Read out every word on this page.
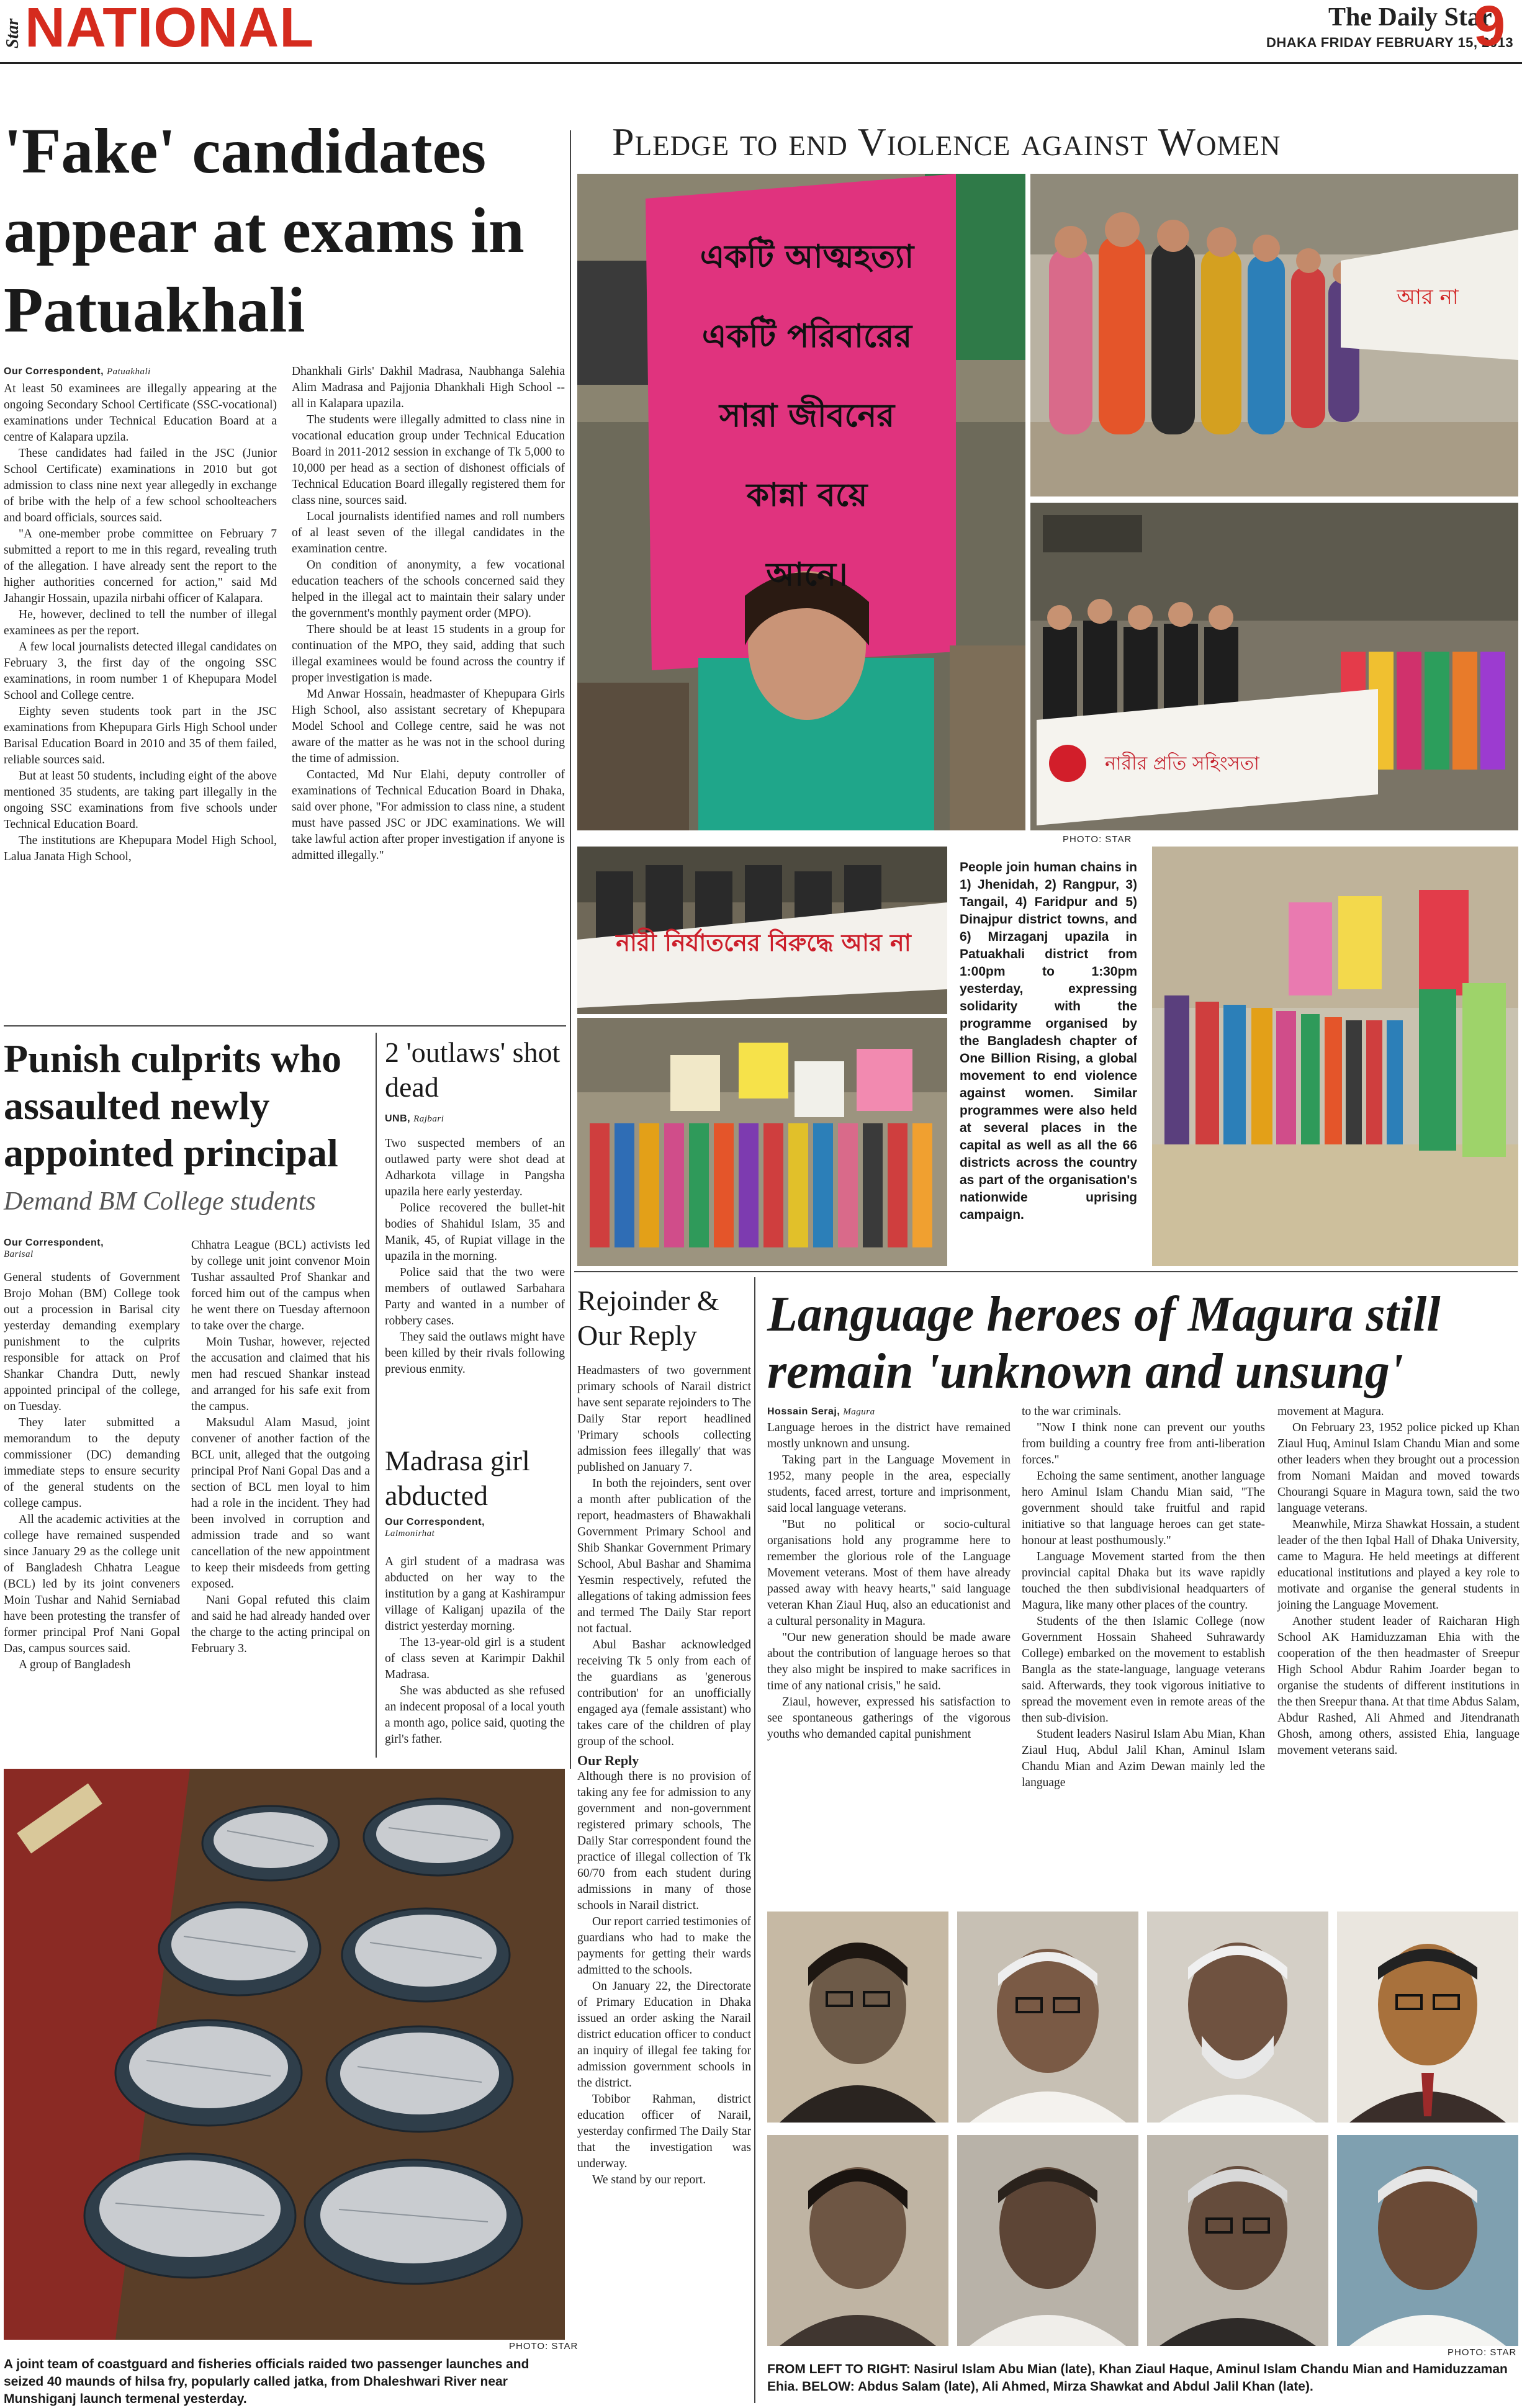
Star NATIONAL	The Daily Star
DHAKA FRIDAY FEBRUARY 15, 2013
9
'Fake' candidates appear at exams in Patuakhali
Our Correspondent, Patuakhali

At least 50 examinees are illegally appearing at the ongoing Secondary School Certificate (SSC-vocational) examinations under Technical Education Board at a centre of Kalapara upzila.

These candidates had failed in the JSC (Junior School Certificate) examinations in 2010 but got admission to class nine next year allegedly in exchange of bribe with the help of a few school schoolteachers and board officials, sources said.

"A one-member probe committee on February 7 submitted a report to me in this regard, revealing truth of the allegation. I have already sent the report to the higher authorities concerned for action," said Md Jahangir Hossain, upazila nirbahi officer of Kalapara.

He, however, declined to tell the number of illegal examinees as per the report.

A few local journalists detected illegal candidates on February 3, the first day of the ongoing SSC examinations, in room number 1 of Khepupara Model School and College centre.

Eighty seven students took part in the JSC examinations from Khepupara Girls High School under Barisal Education Board in 2010 and 35 of them failed, reliable sources said.

But at least 50 students, including eight of the above mentioned 35 students, are taking part illegally in the ongoing SSC examinations from five schools under Technical Education Board.

The institutions are Khepupara Model High School, Lalua Janata High School,

Dhankhali Girls' Dakhil Madrasa, Naubhanga Salehia Alim Madrasa and Pajjonia Dhankhali High School -- all in Kalapara upazila.

The students were illegally admitted to class nine in vocational education group under Technical Education Board in 2011-2012 session in exchange of Tk 5,000 to 10,000 per head as a section of dishonest officials of Technical Education Board illegally registered them for class nine, sources said.

Local journalists identified names and roll numbers of al least seven of the illegal candidates in the examination centre.

On condition of anonymity, a few vocational education teachers of the schools concerned said they helped in the illegal act to maintain their salary under the government's monthly payment order (MPO).

There should be at least 15 students in a group for continuation of the MPO, they said, adding that such illegal examinees would be found across the country if proper investigation is made.

Md Anwar Hossain, headmaster of Khepupara Girls High School, also assistant secretary of Khepupara Model School and College centre, said he was not aware of the matter as he was not in the school during the time of admission.

Contacted, Md Nur Elahi, deputy controller of examinations of Technical Education Board in Dhaka, said over phone, "For admission to class nine, a student must have passed JSC or JDC examinations. We will take lawful action after proper investigation if anyone is admitted illegally."

Punish culprits who assaulted newly appointed principal
Demand BM College students
Our Correspondent,
Barisal

General students of Government Brojo Mohan (BM) College took out a procession in Barisal city yesterday demanding exemplary punishment to the culprits responsible for attack on Prof Shankar Chandra Dutt, newly appointed principal of the college, on Tuesday.

They later submitted a memorandum to the deputy commissioner (DC) demanding immediate steps to ensure security of the general students on the college campus.

All the academic activities at the college have remained suspended since January 29 as the college unit of Bangladesh Chhatra League (BCL) led by its joint conveners Moin Tushar and Nahid Serniabad have been protesting the transfer of former principal Prof Nani Gopal Das, campus sources said.

A group of Bangladesh

Chhatra League (BCL) activists led by college unit joint convenor Moin Tushar assaulted Prof Shankar and forced him out of the campus when he went there on Tuesday afternoon to take over the charge.

Moin Tushar, however, rejected the accusation and claimed that his men had rescued Shankar instead and arranged for his safe exit from the campus.

Maksudul Alam Masud, joint convener of another faction of the BCL unit, alleged that the outgoing principal Prof Nani Gopal Das and a section of BCL men loyal to him had a role in the incident. They had been involved in corruption and admission trade and so want cancellation of the new appointment to keep their misdeeds from getting exposed.

Nani Gopal refuted this claim and said he had already handed over the charge to the acting principal on February 3.

2 'outlaws' shot dead
UNB, Rajbari

Two suspected members of an outlawed party were shot dead at Adharkota village in Pangsha upazila here early yesterday.

Police recovered the bullet-hit bodies of Shahidul Islam, 35 and Manik, 45, of Rupiat village in the upazila in the morning.

Police said that the two were members of outlawed Sarbahara Party and wanted in a number of robbery cases.

They said the outlaws might have been killed by their rivals following previous enmity.

Madrasa girl abducted
Our Correspondent,
Lalmonirhat

A girl student of a madrasa was abducted on her way to the institution by a gang at Kashirampur village of Kaliganj upazila of the district yesterday morning.

The 13-year-old girl is a student of class seven at Karimpir Dakhil Madrasa.

She was abducted as she refused an indecent proposal of a local youth a month ago, police said, quoting the girl's father.

PHOTO: STAR
A joint team of coastguard and fisheries officials raided two passenger launches and seized 40 maunds of hilsa fry, popularly called jatka, from Dhaleshwari River near Munshiganj launch termenal yesterday.
Pledge to end Violence against Women
একটি আত্মহত্যা
একটি পরিবারের
সারা জীবনের
কান্না বয়ে
আনে।
আর না
নারীর প্রতি সহিংসতা
PHOTO: STAR
নারী নির্যাতনের বিরুদ্ধে আর না
People join human chains in 1) Jhenidah, 2) Rangpur, 3) Tangail, 4) Faridpur and 5) Dinajpur district towns, and 6) Mirzaganj upazila in Patuakhali district from 1:00pm to 1:30pm yesterday, expressing solidarity with the programme organised by the Bangladesh chapter of One Billion Rising, a global movement to end violence against women. Similar programmes were also held at several places in the capital as well as all the 66 districts across the country as part of the organisation's nationwide uprising campaign.
Rejoinder & Our Reply

Headmasters of two government primary schools of Narail district have sent separate rejoinders to The Daily Star report headlined 'Primary schools collecting admission fees illegally' that was published on January 7.

In both the rejoinders, sent over a month after publication of the report, headmasters of Bhawakhali Government Primary School and Shib Shankar Government Primary School, Abul Bashar and Shamima Yesmin respectively, refuted the allegations of taking admission fees and termed The Daily Star report not factual.

Abul Bashar acknowledged receiving Tk 5 only from each of the guardians as 'generous contribution' for an unofficially engaged aya (female assistant) who takes care of the children of play group of the school.

Our Reply

Although there is no provision of taking any fee for admission to any government and non-government registered primary schools, The Daily Star correspondent found the practice of illegal collection of Tk 60/70 from each student during admissions in many of those schools in Narail district.

Our report carried testimonies of guardians who had to make the payments for getting their wards admitted to the schools.

On January 22, the Directorate of Primary Education in Dhaka issued an order asking the Narail district education officer to conduct an inquiry of illegal fee taking for admission government schools in the district.

Tobibor Rahman, district education officer of Narail, yesterday confirmed The Daily Star that the investigation was underway.

We stand by our report.

Language heroes of Magura still remain 'unknown and unsung'
Hossain Seraj, Magura

Language heroes in the district have remained mostly unknown and unsung.

Taking part in the Language Movement in 1952, many people in the area, especially students, faced arrest, torture and imprisonment, said local language veterans.

"But no political or socio-cultural organisations hold any programme here to remember the glorious role of the Language Movement veterans. Most of them have already passed away with heavy hearts," said language veteran Khan Ziaul Huq, also an educationist and a cultural personality in Magura.

"Our new generation should be made aware about the contribution of language heroes so that they also might be inspired to make sacrifices in time of any national crisis," he said.

Ziaul, however, expressed his satisfaction to see spontaneous gatherings of the vigorous youths who demanded capital punishment

to the war criminals.

"Now I think none can prevent our youths from building a country free from anti-liberation forces."

Echoing the same sentiment, another language hero Aminul Islam Chandu Mian said, "The government should take fruitful and rapid initiative so that language heroes can get state-honour at least posthumously."

Language Movement started from the then provincial capital Dhaka but its wave rapidly touched the then subdivisional headquarters of Magura, like many other places of the country.

Students of the then Islamic College (now Government Hossain Shaheed Suhrawardy College) embarked on the movement to establish Bangla as the state-language, language veterans said. Afterwards, they took vigorous initiative to spread the movement even in remote areas of the then sub-division.

Student leaders Nasirul Islam Abu Mian, Khan Ziaul Huq, Abdul Jalil Khan, Aminul Islam Chandu Mian and Azim Dewan mainly led the language

movement at Magura.

On February 23, 1952 police picked up Khan Ziaul Huq, Aminul Islam Chandu Mian and some other leaders when they brought out a procession from Nomani Maidan and moved towards Chourangi Square in Magura town, said the two language veterans.

Meanwhile, Mirza Shawkat Hossain, a student leader of the then Iqbal Hall of Dhaka University, came to Magura. He held meetings at different educational institutions and played a key role to motivate and organise the general students in joining the Language Movement.

Another student leader of Raicharan High School AK Hamiduzzaman Ehia with the cooperation of the then headmaster of Sreepur High School Abdur Rahim Joarder began to organise the students of different institutions in the then Sreepur thana. At that time Abdus Salam, Abdur Rashed, Ali Ahmed and Jitendranath Ghosh, among others, assisted Ehia, language movement veterans said.

PHOTO: STAR
FROM LEFT TO RIGHT: Nasirul Islam Abu Mian (late), Khan Ziaul Haque, Aminul Islam Chandu Mian and Hamiduzzaman Ehia. BELOW: Abdus Salam (late), Ali Ahmed, Mirza Shawkat and Abdul Jalil Khan (late).
